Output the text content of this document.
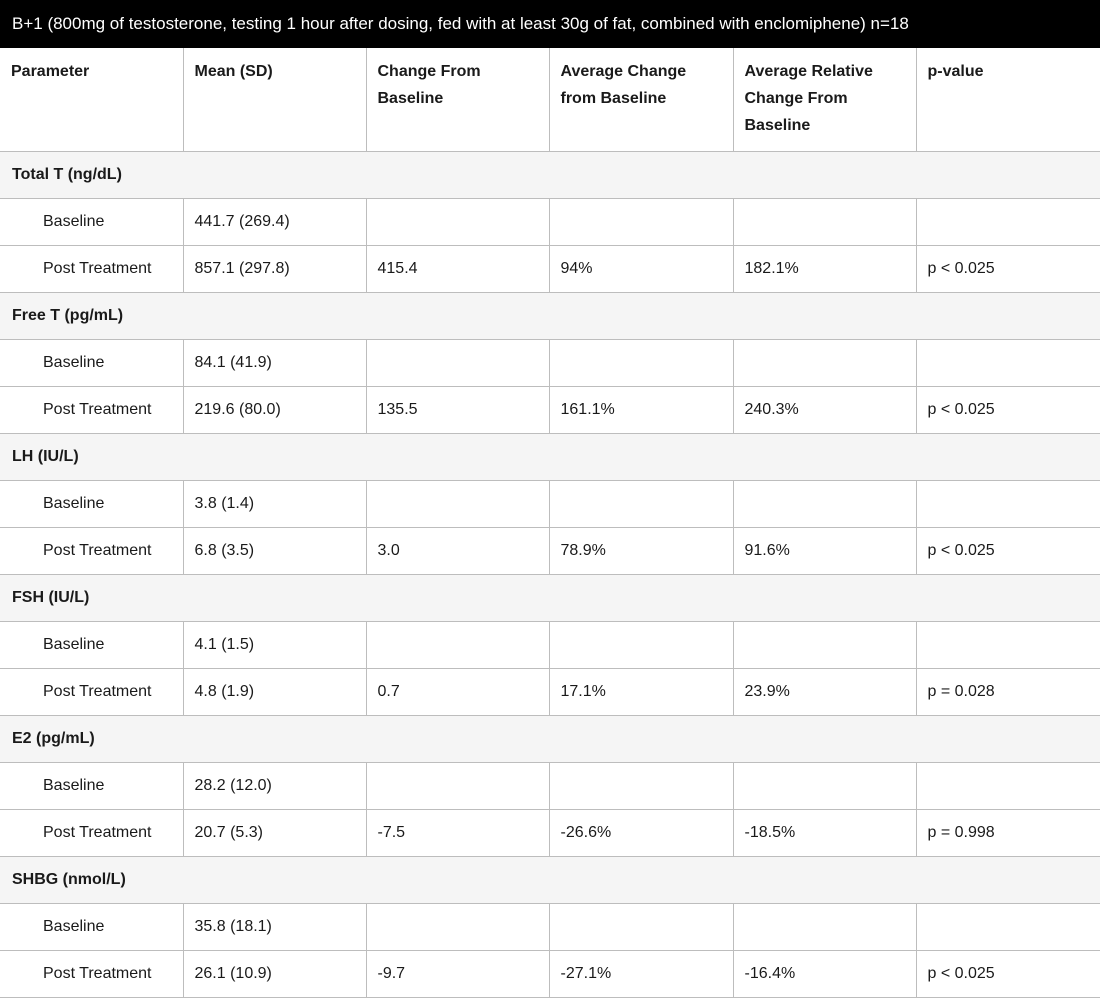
B+1 (800mg of testosterone, testing 1 hour after dosing, fed with at least 30g of fat, combined with enclomiphene) n=18
Parameter	Mean (SD)	Change From Baseline	Average Change from Baseline	Average Relative Change From Baseline	p-value
Total T (ng/dL)					
Baseline	441.7 (269.4)				
Post Treatment	857.1 (297.8)	415.4	94%	182.1%	p < 0.025
Free T (pg/mL)					
Baseline	84.1 (41.9)				
Post Treatment	219.6 (80.0)	135.5	161.1%	240.3%	p < 0.025
LH (IU/L)					
Baseline	3.8 (1.4)				
Post Treatment	6.8 (3.5)	3.0	78.9%	91.6%	p < 0.025
FSH (IU/L)					
Baseline	4.1 (1.5)				
Post Treatment	4.8 (1.9)	0.7	17.1%	23.9%	p = 0.028
E2 (pg/mL)					
Baseline	28.2 (12.0)				
Post Treatment	20.7 (5.3)	-7.5	-26.6%	-18.5%	p = 0.998
SHBG (nmol/L)					
Baseline	35.8 (18.1)				
Post Treatment	26.1 (10.9)	-9.7	-27.1%	-16.4%	p < 0.025
